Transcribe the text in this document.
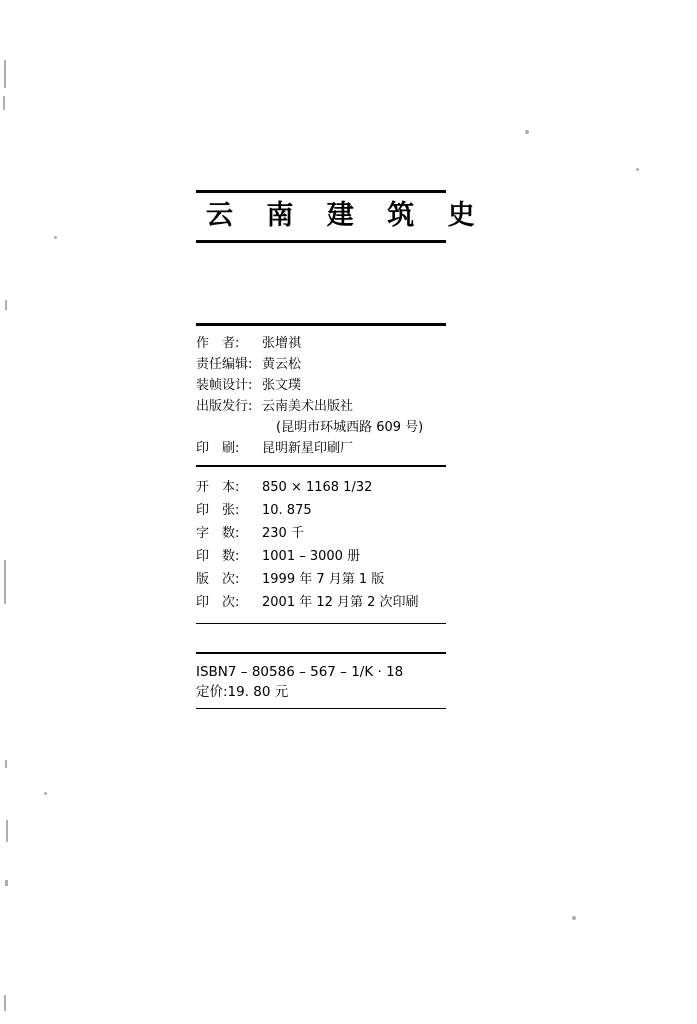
云 南 建 筑 史
作　者:	张增祺
责任编辑: 黄云松
装帧设计: 张文璞
出版发行: 云南美术出版社
(昆明市环城西路 609 号)
印　刷:	昆明新星印刷厂
开　本:	850 × 1168 1/32
印　张:	10. 875
字　数:	230 千
印　数:	1001 – 3000 册
版　次:	1999 年 7 月第 1 版
印　次:	2001 年 12 月第 2 次印刷
ISBN7 – 80586 – 567 – 1/K · 18
定价:19. 80 元
